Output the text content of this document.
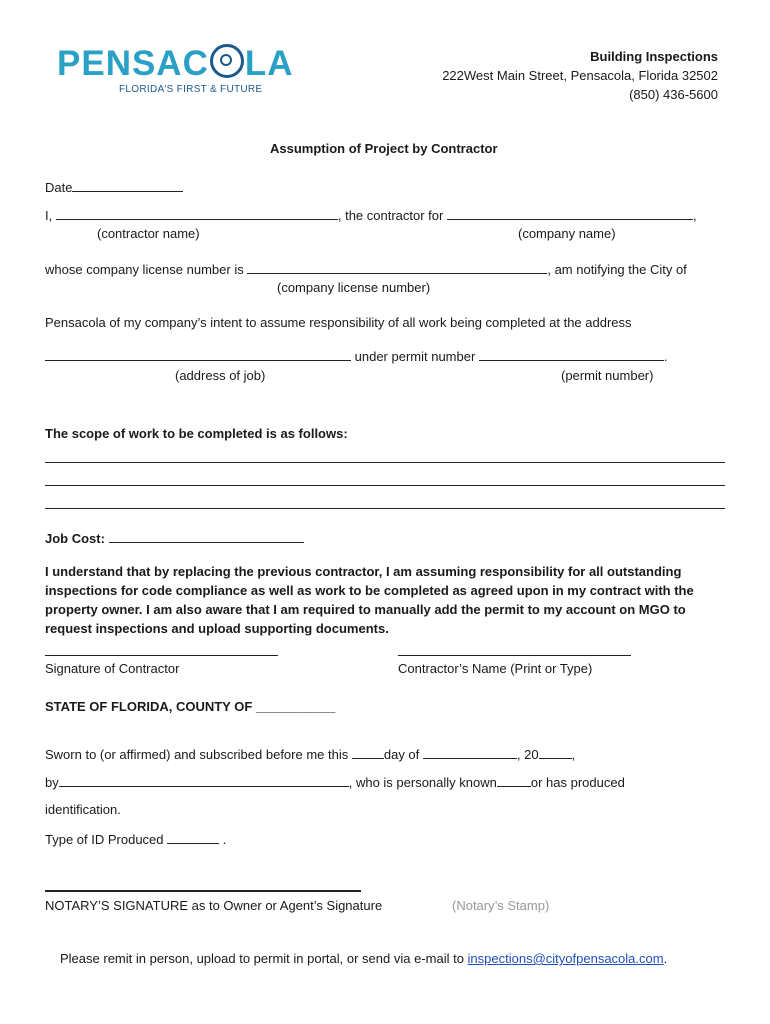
PENSAC LA
FLORIDA'S FIRST & FUTURE
Building Inspections
222West Main Street, Pensacola, Florida 32502
(850) 436-5600
Assumption of Project by Contractor
Date
I,	, the contractor for	,
(contractor name)	(company name)
whose company license number is	, am notifying the City of
(company license number)
Pensacola of my company’s intent to assume responsibility of all work being completed at the address
under permit number	.
(address of job)	(permit number)
The scope of work to be completed is as follows:
Job Cost:
I understand that by replacing the previous contractor, I am assuming responsibility for all outstanding
inspections for code compliance as well as work to be completed as agreed upon in my contract with the
property owner. I am also aware that I am required to manually add the permit to my account on MGO to
request inspections and upload supporting documents.
Signature of Contractor	Contractor’s Name (Print or Type)
STATE OF FLORIDA, COUNTY OF ___________
Sworn to (or affirmed) and subscribed before me this	day of	, 20	,
by	, who is personally known	or has produced
identification.
Type of ID Produced	.
NOTARY’S SIGNATURE as to Owner or Agent’s Signature	(Notary’s Stamp)
Please remit in person, upload to permit in portal, or send via e-mail to inspections@cityofpensacola.com.
